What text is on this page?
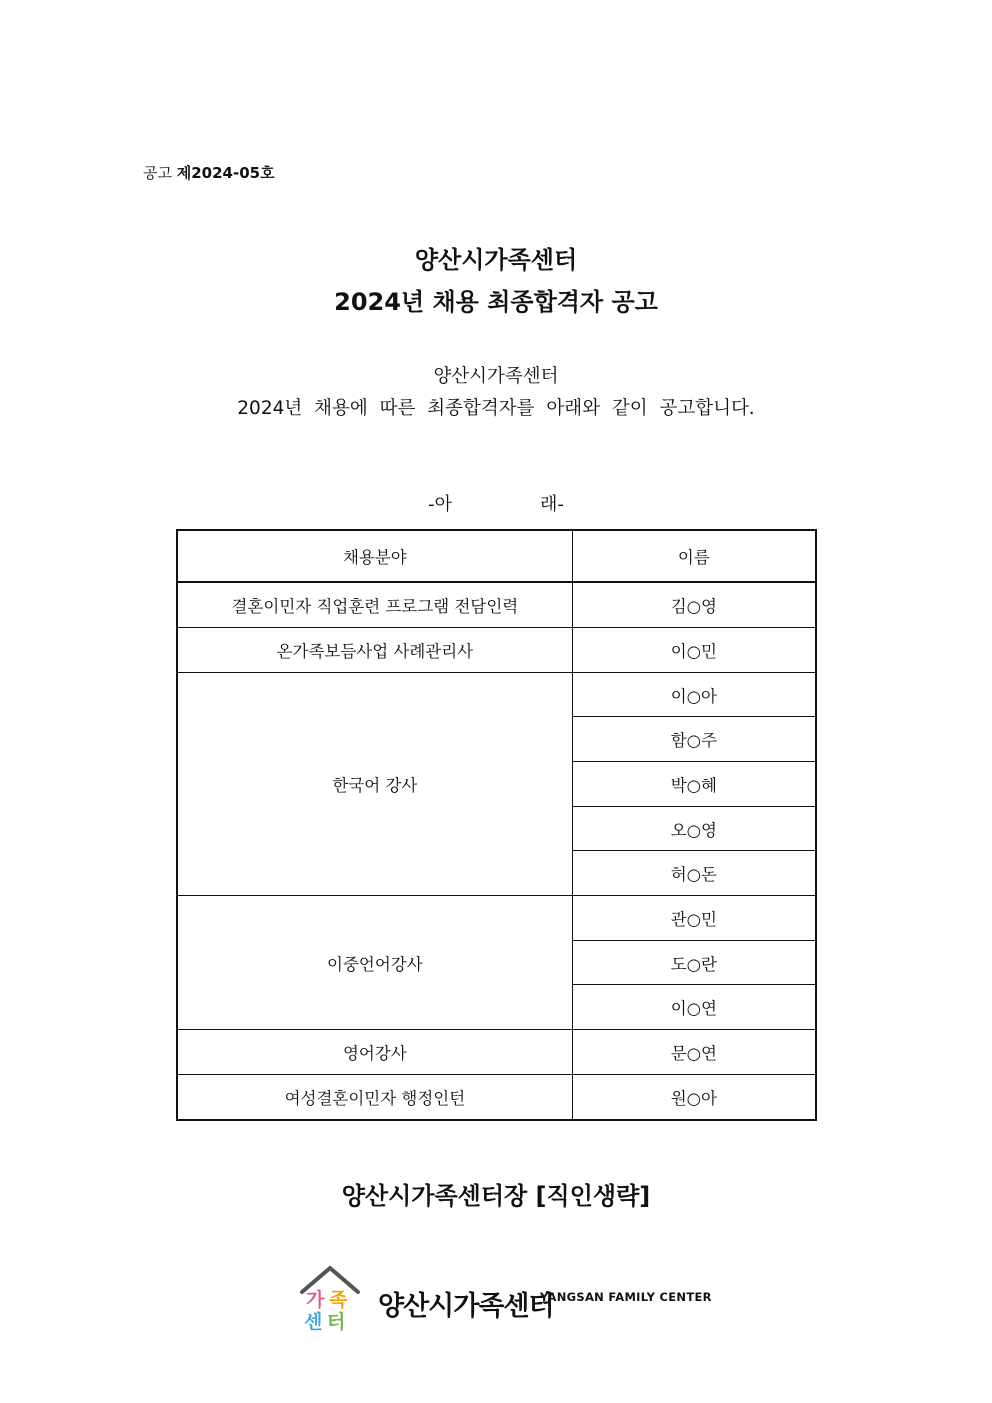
공고 제2024-05호
양산시가족센터
2024년 채용 최종합격자 공고
양산시가족센터
2024년 채용에 따른 최종합격자를 아래와 같이 공고합니다.
-아	래-
채용분야	이름
결혼이민자 직업훈련 프로그램 전담인력	김○영
온가족보듬사업 사례관리사	이○민
한국어 강사	이○아
	함○주
	박○혜
	오○영
	허○돈
이중언어강사	관○민
	도○란
	이○연
영어강사	문○연
여성결혼이민자 행정인턴	원○아
양산시가족센터장 [직인생략]
가 족
센 터 양산시가족센터
YANGSAN FAMILY CENTER
